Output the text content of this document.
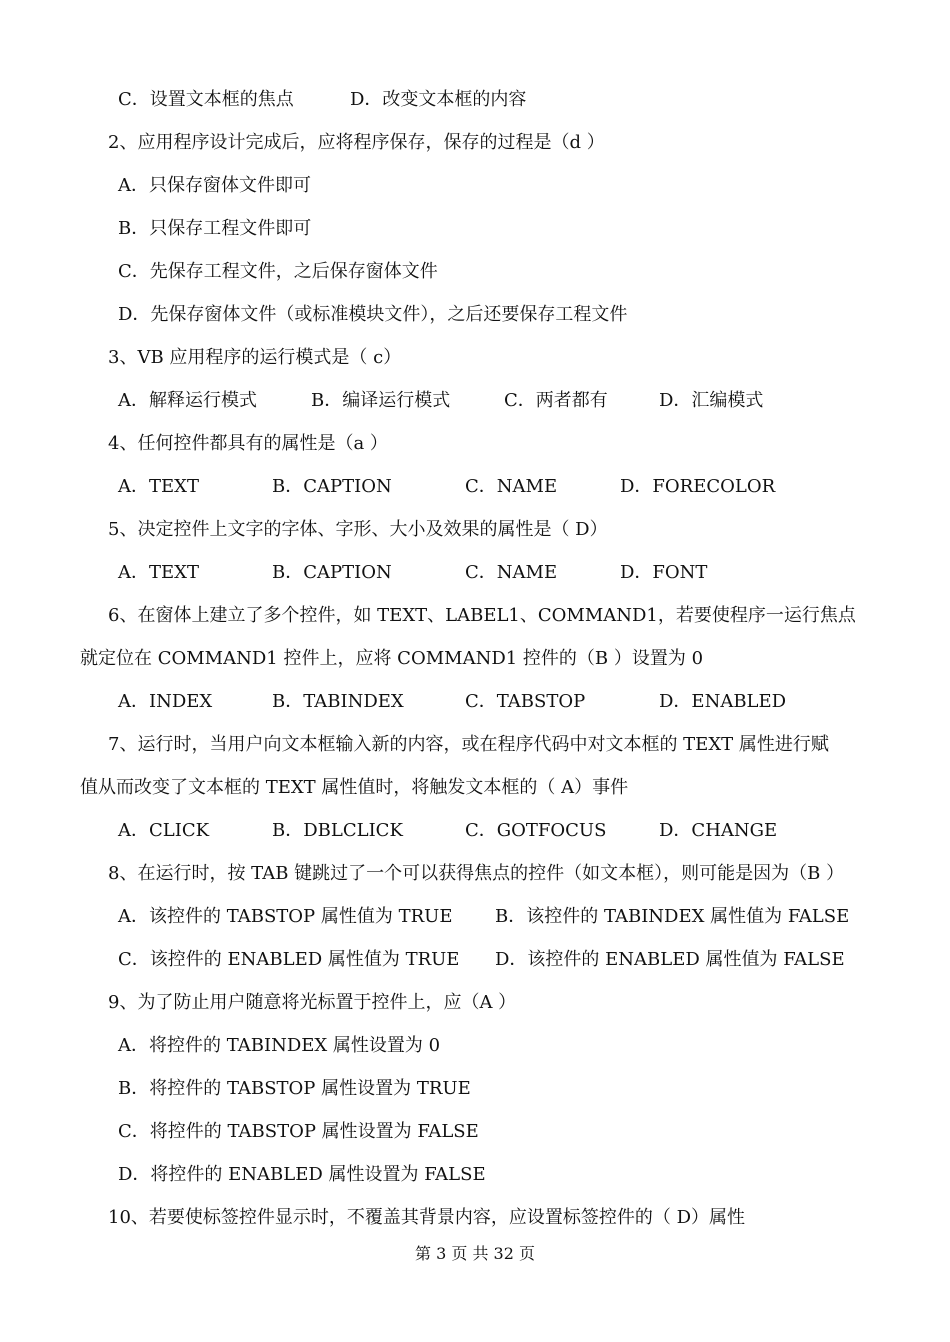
C．设置文本框的焦点

	D．改变文本框的内容

2、应用程序设计完成后，应将程序保存，保存的过程是（d ）
A．只保存窗体文件即可
B．只保存工程文件即可
C．先保存工程文件，之后保存窗体文件
D．先保存窗体文件（或标准模块文件），之后还要保存工程文件
3、VB 应用程序的运行模式是（ c）

A．解释运行模式

	B．编译运行模式

	C．两者都有

	D．汇编模式

4、任何控件都具有的属性是（a ）

A．TEXT

	B．CAPTION

	C．NAME

	D．FORECOLOR

5、决定控件上文字的字体、字形、大小及效果的属性是（ D）

A．TEXT

	B．CAPTION

	C．NAME

	D．FONT

6、在窗体上建立了多个控件，如 TEXT、LABEL1、COMMAND1，若要使程序一运行焦点
就定位在 COMMAND1 控件上，应将 COMMAND1 控件的（B ）设置为 0

A．INDEX

	B．TABINDEX

	C．TABSTOP

	D．ENABLED

7、运行时，当用户向文本框输入新的内容，或在程序代码中对文本框的 TEXT 属性进行赋
值从而改变了文本框的 TEXT 属性值时，将触发文本框的（ A）事件

A．CLICK

	B．DBLCLICK

	C．GOTFOCUS

	D．CHANGE

8、在运行时，按 TAB 键跳过了一个可以获得焦点的控件（如文本框），则可能是因为（B ）

A．该控件的 TABSTOP 属性值为 TRUE

B．该控件的 TABINDEX 属性值为 FALSE

C．该控件的 ENABLED 属性值为 TRUE

D．该控件的 ENABLED 属性值为 FALSE

9、为了防止用户随意将光标置于控件上，应（A ）
A．将控件的 TABINDEX 属性设置为 0
B．将控件的 TABSTOP 属性设置为 TRUE
C．将控件的 TABSTOP 属性设置为 FALSE
D．将控件的 ENABLED 属性设置为 FALSE
10、若要使标签控件显示时，不覆盖其背景内容，应设置标签控件的（ D）属性
第 3 页 共 32 页
